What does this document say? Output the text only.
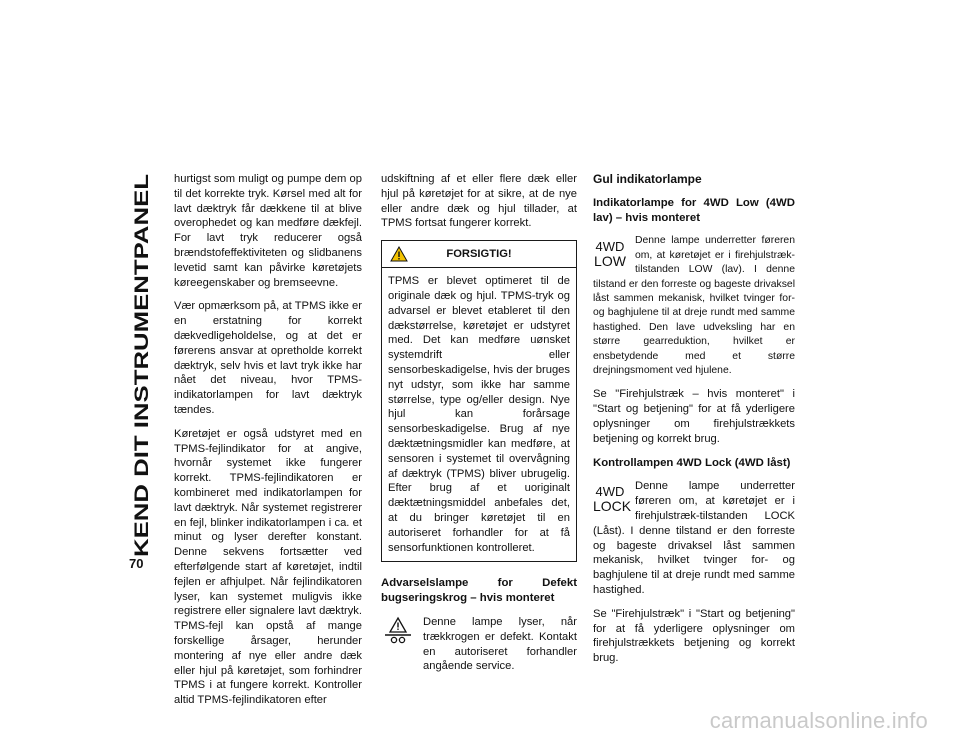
KEND DIT INSTRUMENTPANEL
70

hurtigst som muligt og pumpe dem op til det korrekte tryk. Kørsel med alt for lavt dæktryk får dækkene til at blive overophedet og kan medføre dækfejl. For lavt tryk reducerer også brændstofeffektiviteten og slidbanens levetid samt kan påvirke køretøjets køreegenskaber og bremseevne.

Vær opmærksom på, at TPMS ikke er en erstatning for korrekt dækvedligeholdelse, og at det er førerens ansvar at opretholde korrekt dæktryk, selv hvis et lavt tryk ikke har nået det niveau, hvor TPMS-indikatorlampen for lavt dæktryk tændes.

Køretøjet er også udstyret med en TPMS-fejlindikator for at angive, hvornår systemet ikke fungerer korrekt. TPMS-fejlindikatoren er kombineret med indikatorlampen for lavt dæktryk. Når systemet registrerer en fejl, blinker indikatorlampen i ca. et minut og lyser derefter konstant. Denne sekvens fortsætter ved efterfølgende start af køretøjet, indtil fejlen er afhjulpet. Når fejlindikatoren lyser, kan systemet muligvis ikke registrere eller signalere lavt dæktryk. TPMS-fejl kan opstå af mange forskellige årsager, herunder montering af nye eller andre dæk eller hjul på køretøjet, som forhindrer TPMS i at fungere korrekt. Kontroller altid TPMS-fejlindikatoren efter

udskiftning af et eller flere dæk eller hjul på køretøjet for at sikre, at de nye eller andre dæk og hjul tillader, at TPMS fortsat fungerer korrekt.

FORSIGTIG!
TPMS er blevet optimeret til de originale dæk og hjul. TPMS-tryk og advarsel er blevet etableret til den dækstørrelse, køretøjet er udstyret med. Det kan medføre uønsket systemdrift eller sensorbeskadigelse, hvis der bruges nyt udstyr, som ikke har samme størrelse, type og/eller design. Nye hjul kan forårsage sensorbeskadigelse. Brug af nye dæktætningsmidler kan medføre, at sensoren i systemet til overvågning af dæktryk (TPMS) bliver ubrugelig. Efter brug af et uoriginalt dæktætningsmiddel anbefales det, at du bringer køretøjet til en autoriseret forhandler for at få sensorfunktionen kontrolleret.

Advarselslampe for Defekt bugseringskrog – hvis monteret

Denne lampe lyser, når trækkrogen er defekt. Kontakt en autoriseret forhandler angående service.

Gul indikatorlampe

Indikatorlampe for 4WD Low (4WD lav) – hvis monteret

4WD
LOW
Denne lampe underretter føreren om, at køretøjet er i firehjulstræk-tilstanden LOW (lav). I denne tilstand er den forreste og bageste drivaksel låst sammen mekanisk, hvilket tvinger for- og baghjulene til at dreje rundt med samme hastighed. Den lave udveksling har en større gearreduktion, hvilket er ensbetydende med et større drejningsmoment ved hjulene.

Se "Firehjulstræk – hvis monteret" i "Start og betjening" for at få yderligere oplysninger om firehjulstrækkets betjening og korrekt brug.

Kontrollampen 4WD Lock (4WD låst)

4WD
LOCK
Denne lampe underretter føreren om, at køretøjet er i firehjulstræk-tilstanden LOCK (Låst). I denne tilstand er den forreste og bageste drivaksel låst sammen mekanisk, hvilket tvinger for- og baghjulene til at dreje rundt med samme hastighed.

Se "Firehjulstræk" i "Start og betjening" for at få yderligere oplysninger om firehjulstrækkets betjening og korrekt brug.

carmanualsonline.info
